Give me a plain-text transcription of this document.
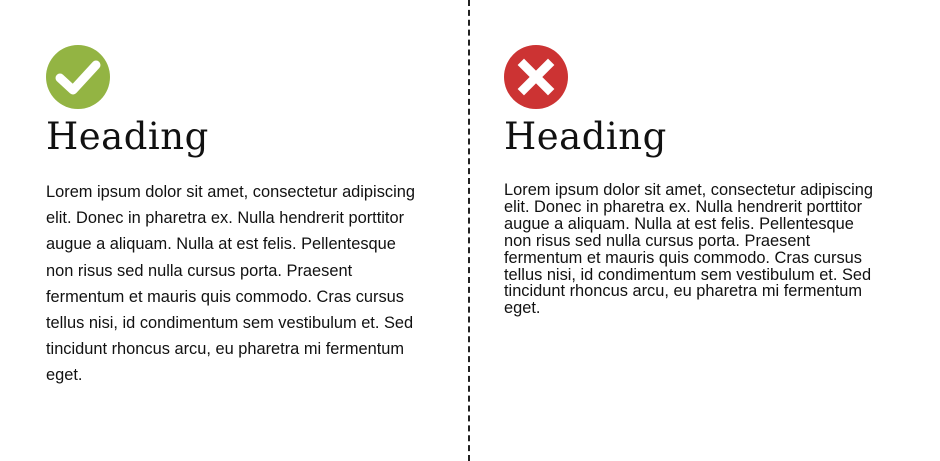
Heading

Lorem ipsum dolor sit amet, consectetur adipiscing elit. Donec in pharetra ex. Nulla hendrerit porttitor augue a aliquam. Nulla at est felis. Pellentesque non risus sed nulla cursus porta. Praesent fermentum et mauris quis commodo. Cras cursus tellus nisi, id condimentum sem vestibulum et. Sed tincidunt rhoncus arcu, eu pharetra mi fermentum eget.

Heading

Lorem ipsum dolor sit amet, consectetur adipiscing elit. Donec in pharetra ex. Nulla hendrerit porttitor augue a aliquam. Nulla at est felis. Pellentesque non risus sed nulla cursus porta. Praesent fermentum et mauris quis commodo. Cras cursus tellus nisi, id condimentum sem vestibulum et. Sed tincidunt rhoncus arcu, eu pharetra mi fermentum eget.
